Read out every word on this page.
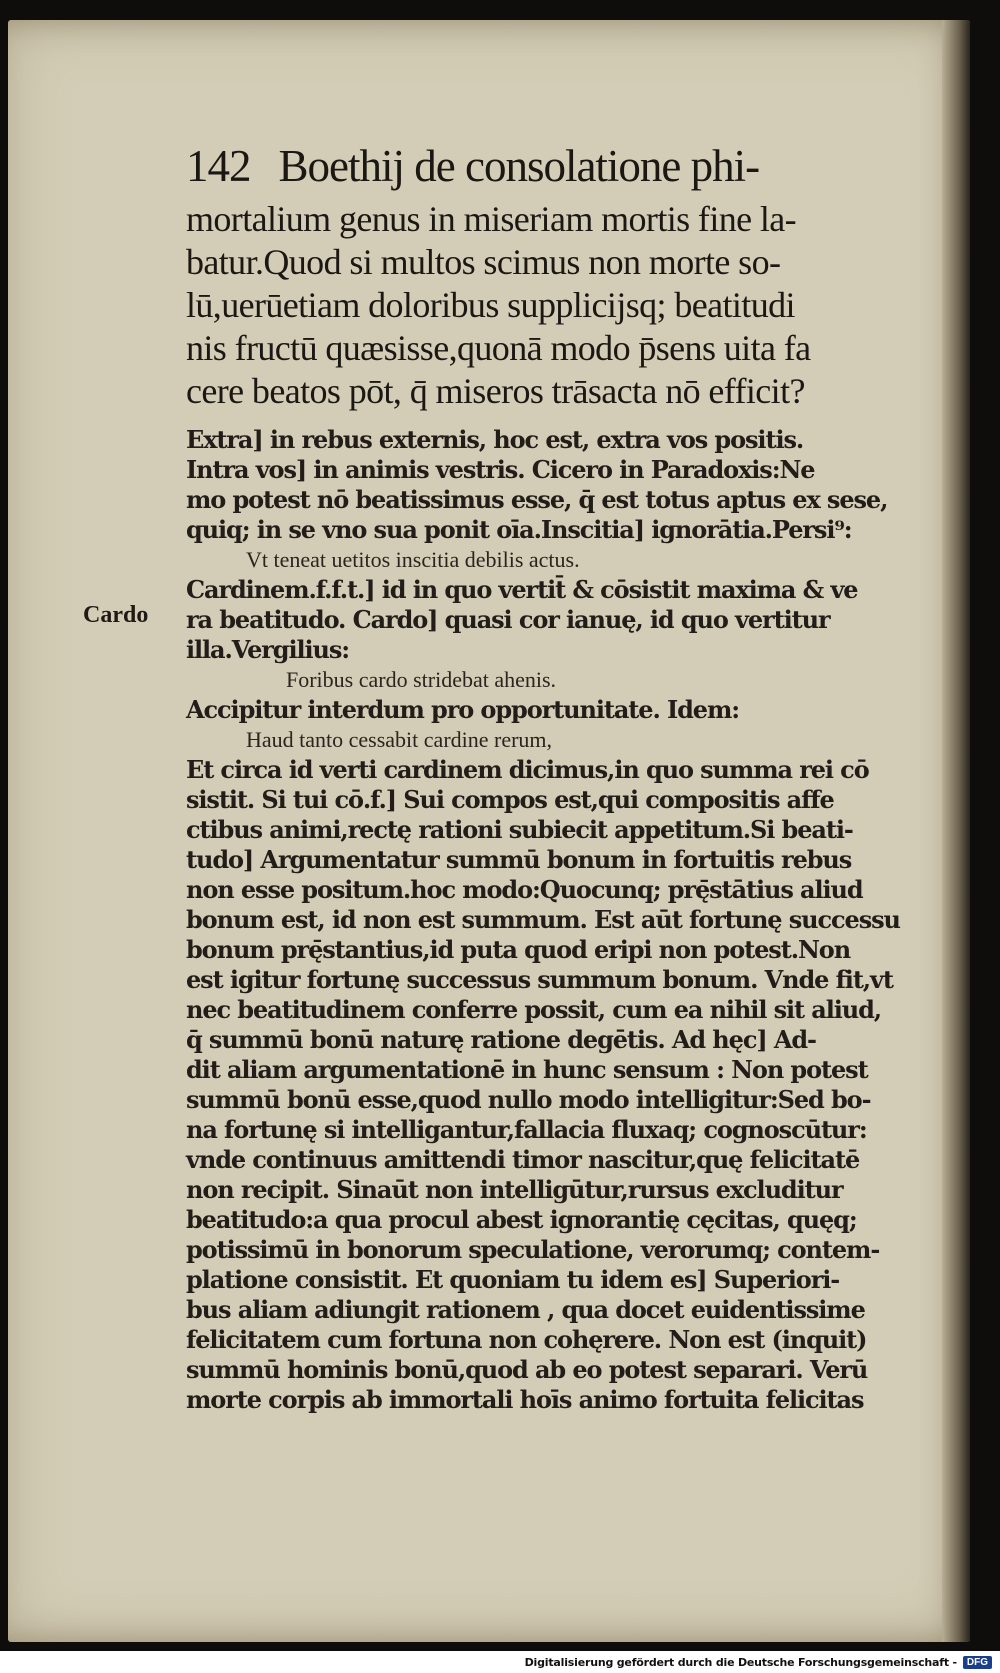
Cardo
142 Boethij de consolatione phi-
mortalium genus in miseriam mortis fine la-
batur.Quod si multos scimus non morte so-
lū,uerūetiam doloribus supplicijsq; beatitudi
nis fructū quæsisse,quonā modo p̄sens uita fa
cere beatos pōt, q̄ miseros trāsacta nō efficit?
Extra] in rebus externis, hoc est, extra vos positis.
Intra vos] in animis vestris. Cicero in Paradoxis:Ne
mo potest nō beatissimus esse, q̄ est totus aptus ex sese,
quiq; in se vno sua ponit oīa.Inscitia] ignorātia.Persi⁹:
Vt teneat uetitos inscitia debilis actus.
Cardinem.f.f.t.] id in quo vertit̄ & cōsistit maxima & ve
ra beatitudo. Cardo] quasi cor ianuę, id quo vertitur
illa.Vergilius:
Foribus cardo stridebat ahenis.
Accipitur interdum pro opportunitate. Idem:
Haud tanto cessabit cardine rerum,
Et circa id verti cardinem dicimus,in quo summa rei cō
sistit. Si tui cō.f.] Sui compos est,qui compositis affe
ctibus animi,rectę rationi subiecit appetitum.Si beati-
tudo] Argumentatur summū bonum in fortuitis rebus
non esse positum.hoc modo:Quocunq; prę̄stātius aliud
bonum est, id non est summum. Est aūt fortunę successu
bonum prę̄stantius,id puta quod eripi non potest.Non
est igitur fortunę successus summum bonum. Vnde fit,vt
nec beatitudinem conferre possit, cum ea nihil sit aliud,
q̄ summū bonū naturę ratione degētis. Ad hęc] Ad-
dit aliam argumentationē in hunc sensum : Non potest
summū bonū esse,quod nullo modo intelligitur:Sed bo-
na fortunę si intelligantur,fallacia fluxaq; cognoscūtur:
vnde continuus amittendi timor nascitur,quę felicitatē
non recipit. Sinaūt non intelligūtur,rursus excluditur
beatitudo:a qua procul abest ignorantię cęcitas, quęq;
potissimū in bonorum speculatione, verorumq; contem-
platione consistit. Et quoniam tu idem es] Superiori-
bus aliam adiungit rationem , qua docet euidentissime
felicitatem cum fortuna non cohęrere. Non est (inquit)
summū hominis bonū,quod ab eo potest separari. Verū
morte corpis ab immortali hoīs animo fortuita felicitas
Digitalisierung gefördert durch die Deutsche Forschungsgemeinschaft -	DFG
